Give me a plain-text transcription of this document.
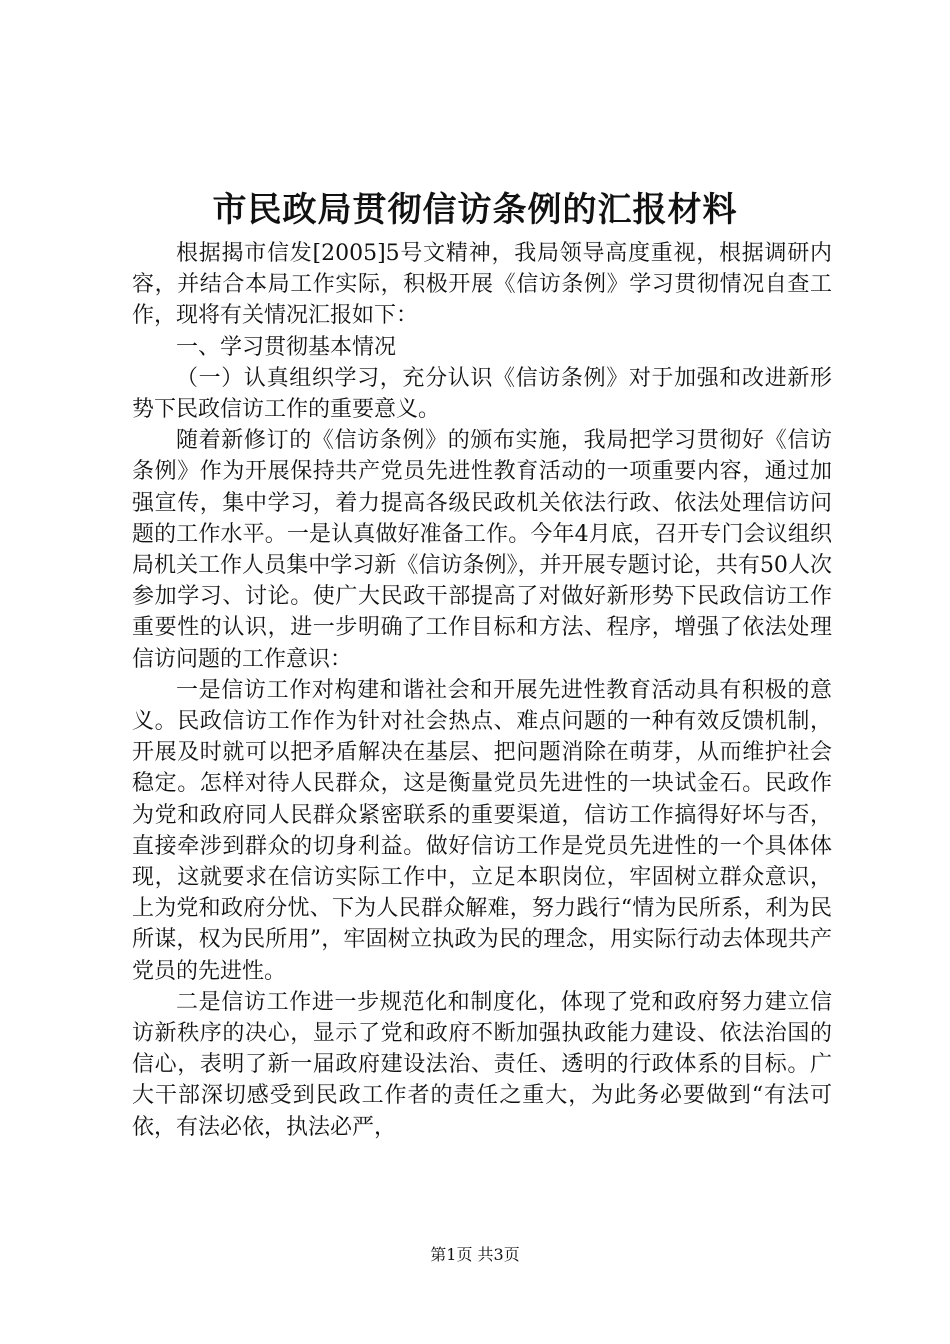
市民政局贯彻信访条例的汇报材料

根据揭市信发[2005]5号文精神，我局领导高度重视，根据调研内容，并结合本局工作实际，积极开展《信访条例》学习贯彻情况自查工作，现将有关情况汇报如下：

一、学习贯彻基本情况

（一）认真组织学习，充分认识《信访条例》对于加强和改进新形势下民政信访工作的重要意义。

随着新修订的《信访条例》的颁布实施，我局把学习贯彻好《信访条例》作为开展保持共产党员先进性教育活动的一项重要内容，通过加强宣传，集中学习，着力提高各级民政机关依法行政、依法处理信访问题的工作水平。一是认真做好准备工作。今年4月底，召开专门会议组织局机关工作人员集中学习新《信访条例》，并开展专题讨论，共有50人次参加学习、讨论。使广大民政干部提高了对做好新形势下民政信访工作重要性的认识，进一步明确了工作目标和方法、程序，增强了依法处理信访问题的工作意识：

一是信访工作对构建和谐社会和开展先进性教育活动具有积极的意义。民政信访工作作为针对社会热点、难点问题的一种有效反馈机制，开展及时就可以把矛盾解决在基层、把问题消除在萌芽，从而维护社会稳定。怎样对待人民群众，这是衡量党员先进性的一块试金石。民政作为党和政府同人民群众紧密联系的重要渠道，信访工作搞得好坏与否，直接牵涉到群众的切身利益。做好信访工作是党员先进性的一个具体体现，这就要求在信访实际工作中，立足本职岗位，牢固树立群众意识，上为党和政府分忧、下为人民群众解难，努力践行“情为民所系，利为民所谋，权为民所用”，牢固树立执政为民的理念，用实际行动去体现共产党员的先进性。

二是信访工作进一步规范化和制度化，体现了党和政府努力建立信访新秩序的决心，显示了党和政府不断加强执政能力建设、依法治国的信心，表明了新一届政府建设法治、责任、透明的行政体系的目标。广大干部深切感受到民政工作者的责任之重大，为此务必要做到“有法可依，有法必依，执法必严，

第1页 共3页
